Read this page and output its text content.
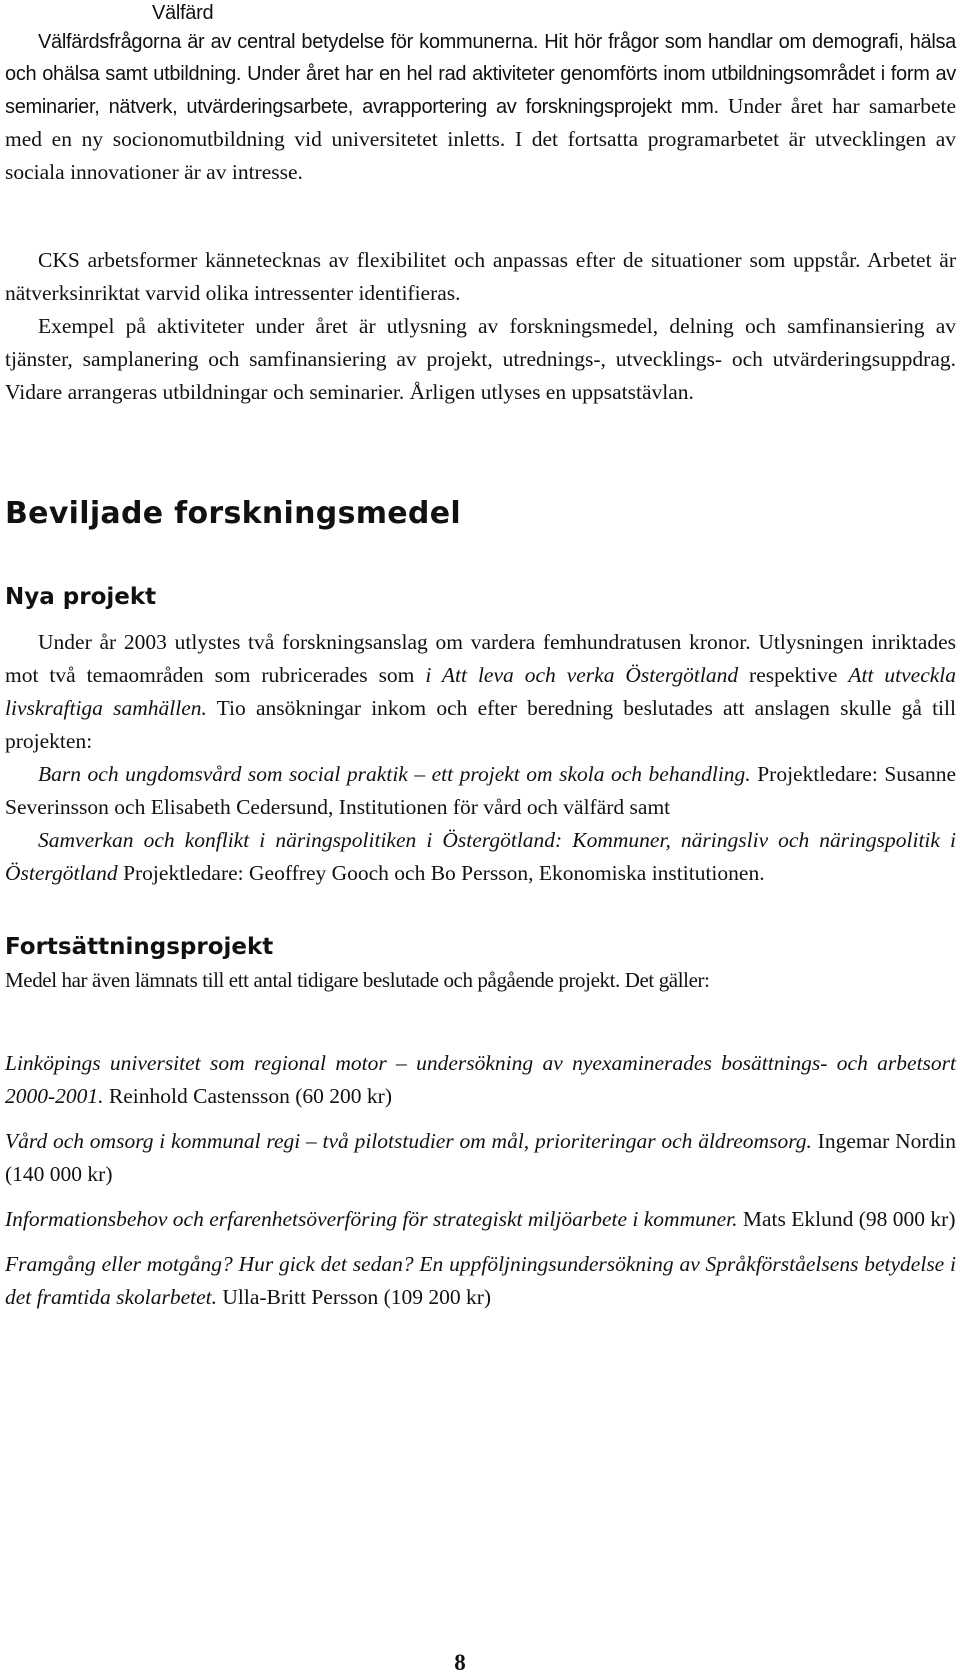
Välfärd

Välfärdsfrågorna är av central betydelse för kommunerna. Hit hör frågor som handlar om demografi, hälsa och ohälsa samt utbildning. Under året har en hel rad aktiviteter genomförts inom utbildningsområdet i form av seminarier, nätverk, utvärderingsarbete, avrapportering av forskningsprojekt mm. Under året har samarbete med en ny socionomutbildning vid universitetet inletts. I det fortsatta programarbetet är utvecklingen av sociala innovationer är av intresse.

CKS arbetsformer kännetecknas av flexibilitet och anpassas efter de situationer som uppstår. Arbetet är nätverksinriktat varvid olika intressenter identifieras.

Exempel på aktiviteter under året är utlysning av forskningsmedel, delning och samfinansiering av tjänster, samplanering och samfinansiering av projekt, utrednings-, utvecklings- och utvärderingsuppdrag. Vidare arrangeras utbildningar och seminarier. Årligen utlyses en uppsatstävlan.

Beviljade forskningsmedel
Nya projekt

Under år 2003 utlystes två forskningsanslag om vardera femhundratusen kronor. Utlysningen inriktades mot två temaområden som rubricerades som i Att leva och verka Östergötland respektive Att utveckla livskraftiga samhällen. Tio ansökningar inkom och efter beredning beslutades att anslagen skulle gå till projekten:

Barn och ungdomsvård som social praktik – ett projekt om skola och behandling. Projektledare: Susanne Severinsson och Elisabeth Cedersund, Institutionen för vård och välfärd samt

Samverkan och konflikt i näringspolitiken i Östergötland: Kommuner, näringsliv och näringspolitik i Östergötland Projektledare: Geoffrey Gooch och Bo Persson, Ekonomiska institutionen.

Fortsättningsprojekt

Medel har även lämnats till ett antal tidigare beslutade och pågående projekt. Det gäller:

Linköpings universitet som regional motor – undersökning av nyexaminerades bosättnings- och arbetsort 2000-2001. Reinhold Castensson (60 200 kr)

Vård och omsorg i kommunal regi – två pilotstudier om mål, prioriteringar och äldreomsorg. Ingemar Nordin (140 000 kr)

Informationsbehov och erfarenhetsöverföring för strategiskt miljöarbete i kommuner. Mats Eklund (98 000 kr)

Framgång eller motgång? Hur gick det sedan? En uppföljningsundersökning av Språkförståelsens betydelse i det framtida skolarbetet. Ulla-Britt Persson (109 200 kr)

8
